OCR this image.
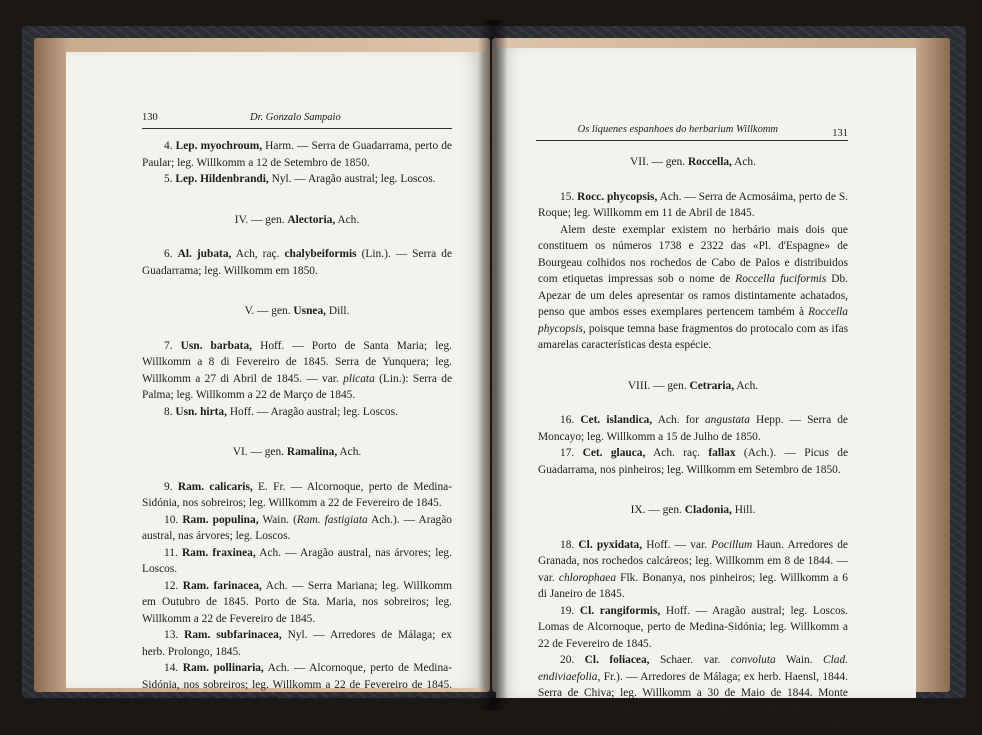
130	Dr. Gonzalo Sampaio

4. Lep. myochroum, Harm. — Serra de Guadarrama, perto de Paular; leg. Willkomm a 12 de Setembro de 1850.

5. Lep. Hildenbrandi, Nyl. — Aragão austral; leg. Loscos.

IV. — gen. Alectoria, Ach.

6. Al. jubata, Ach, raç. chalybeiformis (Lin.). — Serra de Guadarrama; leg. Willkomm em 1850.

V. — gen. Usnea, Dill.

7. Usn. barbata, Hoff. — Porto de Santa Maria; leg. Willkomm a 8 di Fevereiro de 1845. Serra de Yunquera; leg. Willkomm a 27 di Abril de 1845. — var. plicata (Lin.): Serra de Palma; leg. Willkomm a 22 de Março de 1845.

8. Usn. hirta, Hoff. — Aragão austral; leg. Loscos.

VI. — gen. Ramalina, Ach.

9. Ram. calicaris, E. Fr. — Alcornoque, perto de Medina-Sidónia, nos sobreiros; leg. Willkomm a 22 de Fevereiro de 1845.

10. Ram. populina, Wain. (Ram. fastigiata Ach.). — Aragão austral, nas árvores; leg. Loscos.

11. Ram. fraxinea, Ach. — Aragão austral, nas árvores; leg. Loscos.

12. Ram. farinacea, Ach. — Serra Mariana; leg. Willkomm em Outubro de 1845. Porto de Sta. Maria, nos sobreiros; leg. Willkomm a 22 de Fevereiro de 1845.

13. Ram. subfarinacea, Nyl. — Arredores de Málaga; ex herb. Prolongo, 1845.

14. Ram. pollinaria, Ach. — Alcornoque, perto de Medina-Sidónia, nos sobreiros; leg. Willkomm a 22 de Fevereiro de 1845. Porto de Sta. Maria; leg. Willkomm a 8 de Fevereiro de 1845.

Os liquenes espanhoes do herbarium Willkomm	131

VII. — gen. Roccella, Ach.

15. Rocc. phycopsis, Ach. — Serra de Acmosáima, perto de S. Roque; leg. Willkomm em 11 de Abril de 1845.

Alem deste exemplar existem no herbário mais dois que constituem os números 1738 e 2322 das «Pl. d'Espagne» de Bourgeau colhidos nos rochedos de Cabo de Palos e distribuidos com etiquetas impressas sob o nome de Roccella fuciformis Db. Apezar de um deles apresentar os ramos distintamente achatados, penso que ambos esses exemplares pertencem também à Roccella phycopsis, poisque temna base fragmentos do protocalo com as ifas amarelas características desta espécie.

VIII. — gen. Cetraria, Ach.

16. Cet. islandica, Ach. for angustata Hepp. — Serra de Moncayo; leg. Willkomm a 15 de Julho de 1850.

17. Cet. glauca, Ach. raç. fallax (Ach.). — Picus de Guadarrama, nos pinheiros; leg. Willkomm em Setembro de 1850.

IX. — gen. Cladonia, Hill.

18. Cl. pyxidata, Hoff. — var. Pocillum Haun. Arredores de Granada, nos rochedos calcáreos; leg. Willkomm em 8 de 1844. — var. chlorophaea Flk. Bonanya, nos pinheiros; leg. Willkomm a 6 di Janeiro de 1845.

19. Cl. rangiformis, Hoff. — Aragão austral; leg. Loscos. Lomas de Alcornoque, perto de Medina-Sidónia; leg. Willkomm a 22 de Fevereiro de 1845.

20. Cl. foliacea, Schaer. var. convoluta Wain. Clad. endiviaefolia, Fr.). — Arredores de Málaga; ex herb. Haensl, 1844. Serra de Chiva; leg. Willkomm a 30 de Maio de 1844. Monte Parnasso; leg. Willkomm em 6 de Julho de 1845. Margens do Guadalquivir, nos pinhais; leg. Willkomm em 6 di Janeiro de 1845.
